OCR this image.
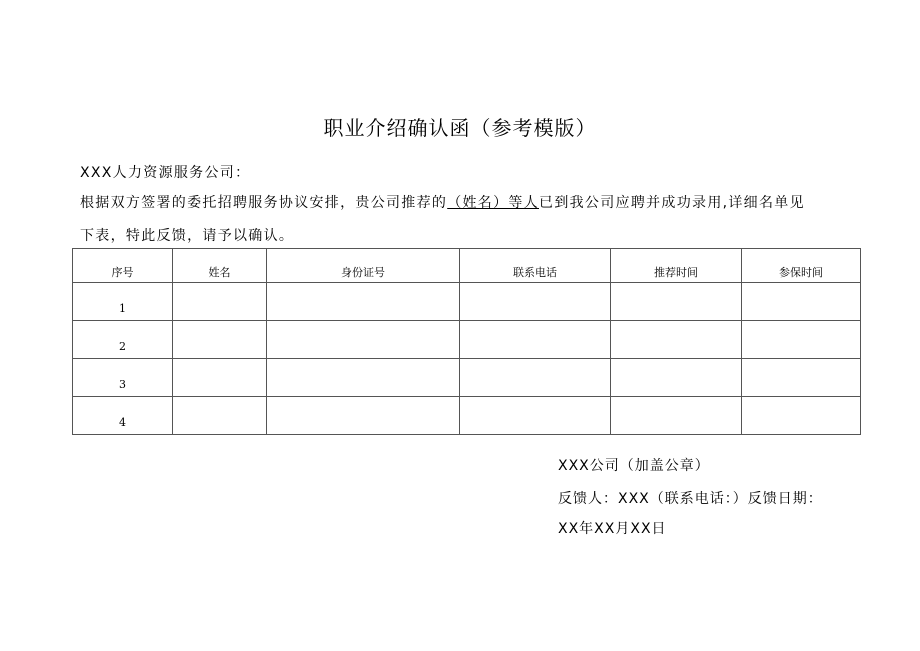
职业介绍确认函（参考模版）
XXX人力资源服务公司：
根据双方签署的委托招聘服务协议安排，贵公司推荐的（姓名）等人已到我公司应聘并成功录用,详细名单见
下表，特此反馈，请予以确认。
序号	姓名	身份证号	联系电话	推荐时间	参保时间
1					
2					
3					
4					
XXX公司（加盖公章）
反馈人：XXX（联系电话：）反馈日期：
XX年XX月XX日
